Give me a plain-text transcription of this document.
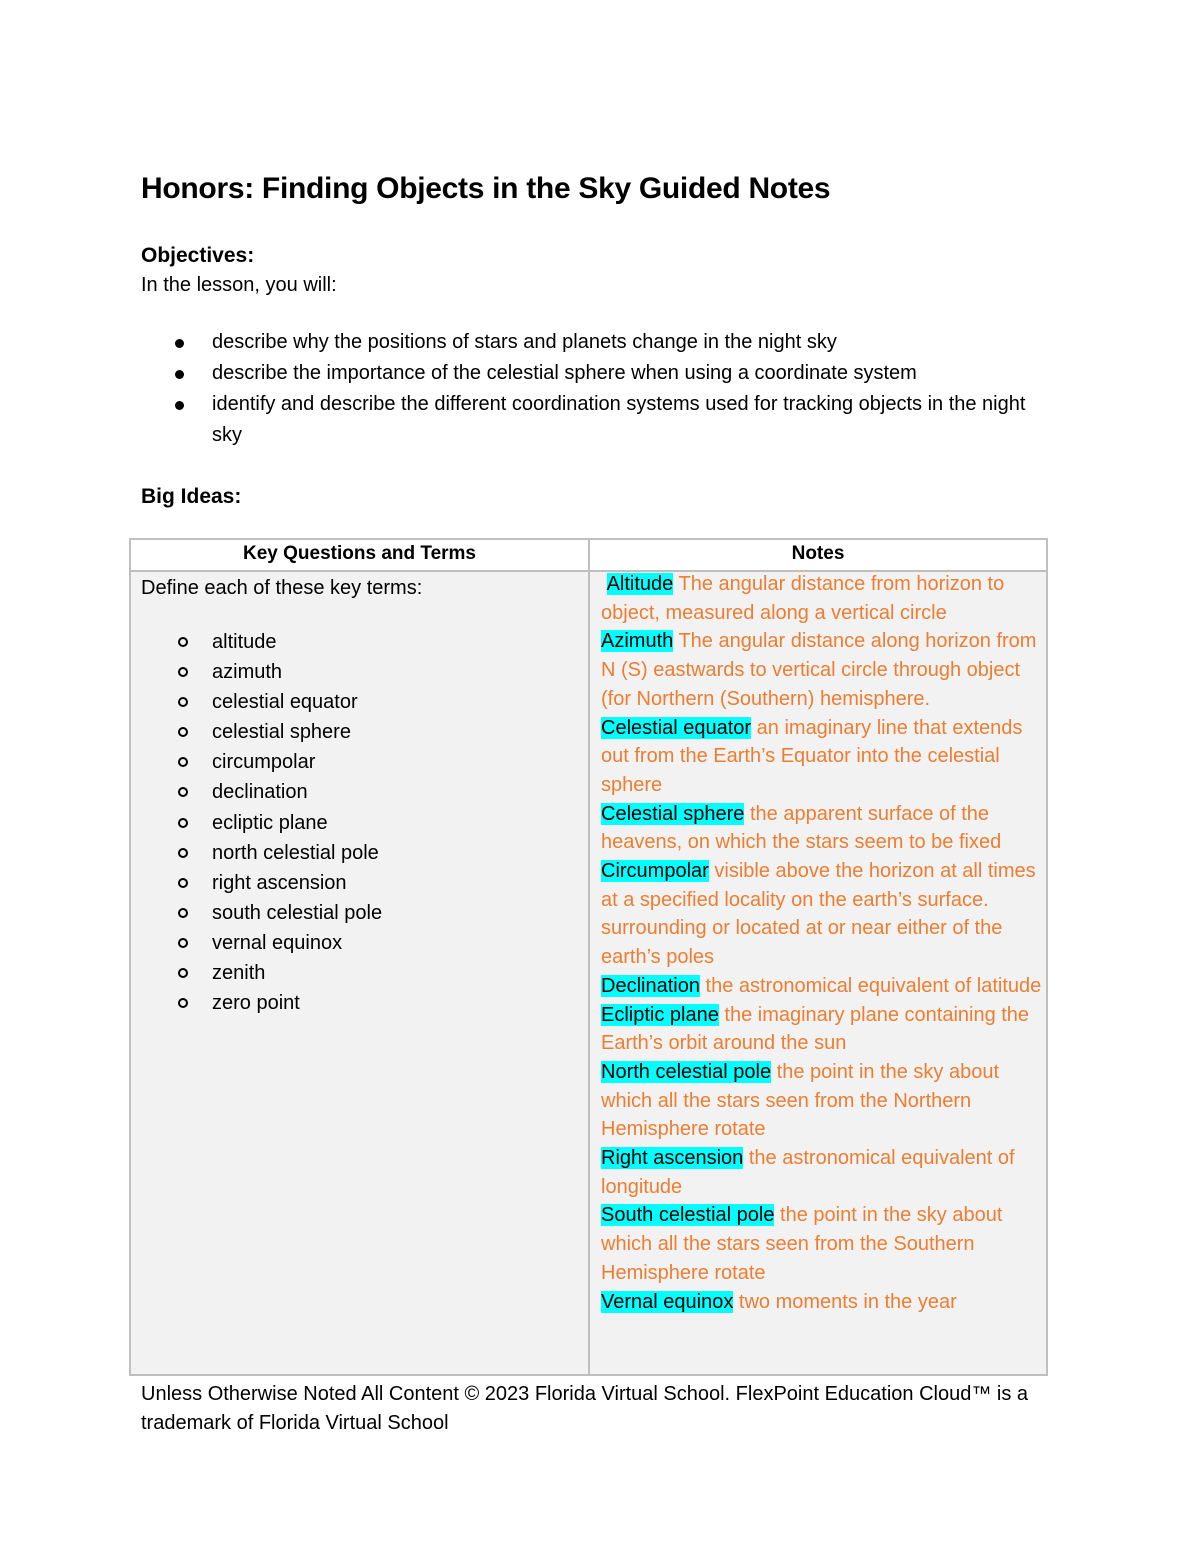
Honors: Finding Objects in the Sky Guided Notes
Objectives:
In the lesson, you will:
describe why the positions of stars and planets change in the night sky
describe the importance of the celestial sphere when using a coordinate system
identify and describe the different coordination systems used for tracking objects in the night sky
Big Ideas:
Key Questions and Terms	Notes
Define each of these key terms:
altitude
azimuth
celestial equator
celestial sphere
circumpolar
declination
ecliptic plane
north celestial pole
right ascension
south celestial pole
vernal equinox
zenith
zero point
Altitude The angular distance from horizon to object, measured along a vertical circle
Azimuth The angular distance along horizon from N (S) eastwards to vertical circle through object (for Northern (Southern) hemisphere.
Celestial equator an imaginary line that extends out from the Earth’s Equator into the celestial sphere
Celestial sphere the apparent surface of the heavens, on which the stars seem to be fixed
Circumpolar visible above the horizon at all times at a specified locality on the earth’s surface. surrounding or located at or near either of the earth’s poles
Declination the astronomical equivalent of latitude
Ecliptic plane the imaginary plane containing the Earth’s orbit around the sun
North celestial pole the point in the sky about which all the stars seen from the Northern Hemisphere rotate
Right ascension the astronomical equivalent of longitude
South celestial pole the point in the sky about which all the stars seen from the Southern Hemisphere rotate
Vernal equinox two moments in the year
Unless Otherwise Noted All Content © 2023 Florida Virtual School. FlexPoint Education Cloud™ is a trademark of Florida Virtual School
